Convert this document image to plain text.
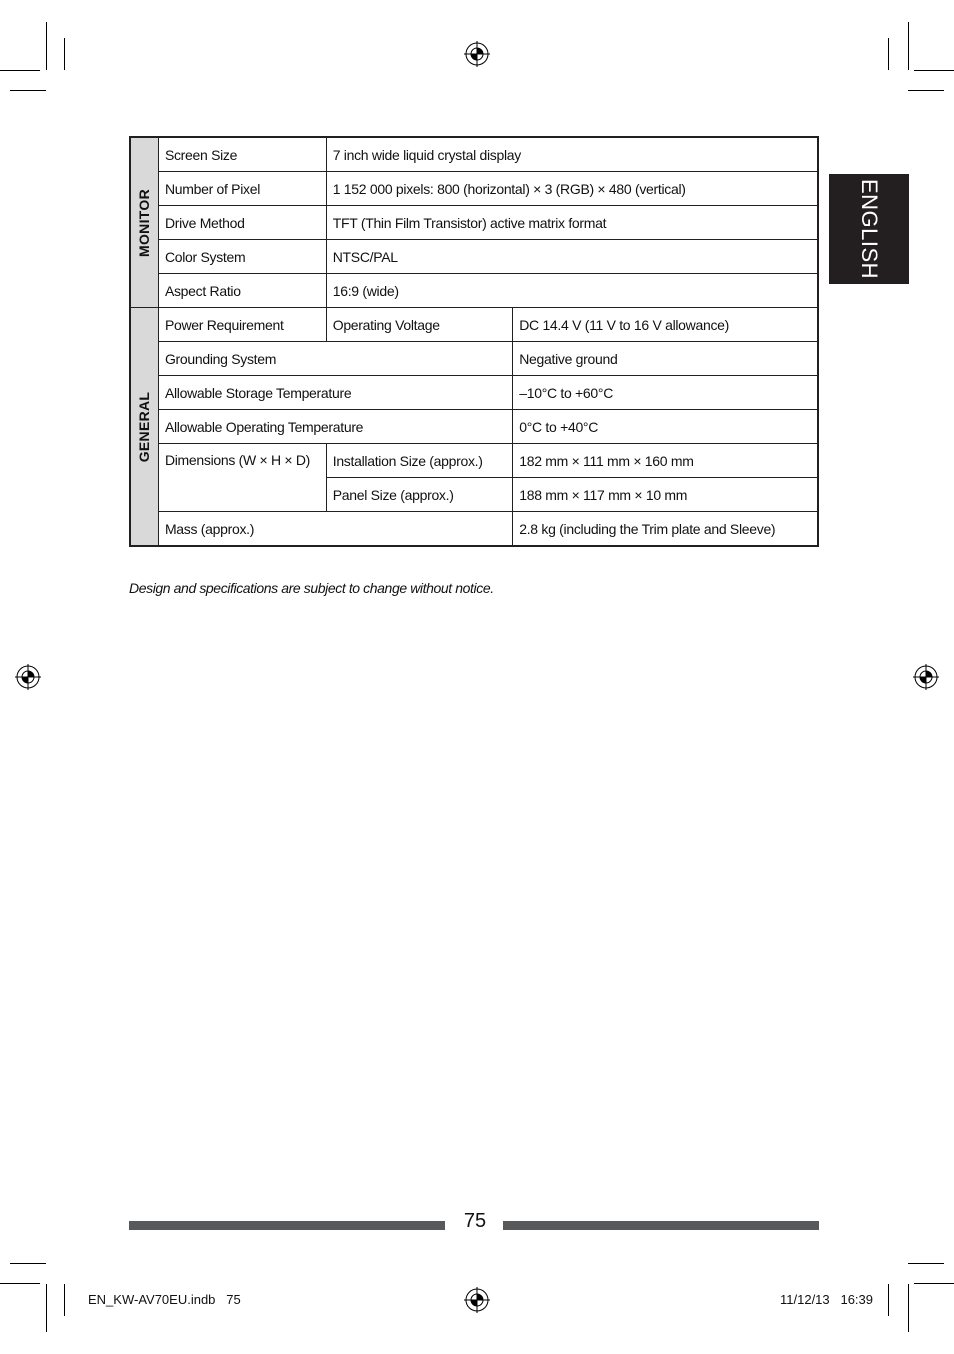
ENGLISH
MONITOR	Screen Size	7 inch wide liquid crystal display	
	Number of Pixel	1 152 000 pixels: 800 (horizontal) × 3 (RGB) × 480 (vertical)	
	Drive Method	TFT (Thin Film Transistor) active matrix format	
	Color System	NTSC/PAL	
	Aspect Ratio	16:9 (wide)	

GENERAL	Power Requirement	Operating Voltage	DC 14.4 V (11 V to 16 V allowance)
	Grounding System		Negative ground
	Allowable Storage Temperature		–10°C to +60°C
	Allowable Operating Temperature		0°C to +40°C
	Dimensions (W × H × D)	Installation Size (approx.)	182 mm × 111 mm × 160 mm
		Panel Size (approx.)	188 mm × 117 mm × 10 mm
	Mass (approx.)		2.8 kg (including the Trim plate and Sleeve)
Design and specifications are subject to change without notice.
75
EN_KW-AV70EU.indb   75	11/12/13   16:39
